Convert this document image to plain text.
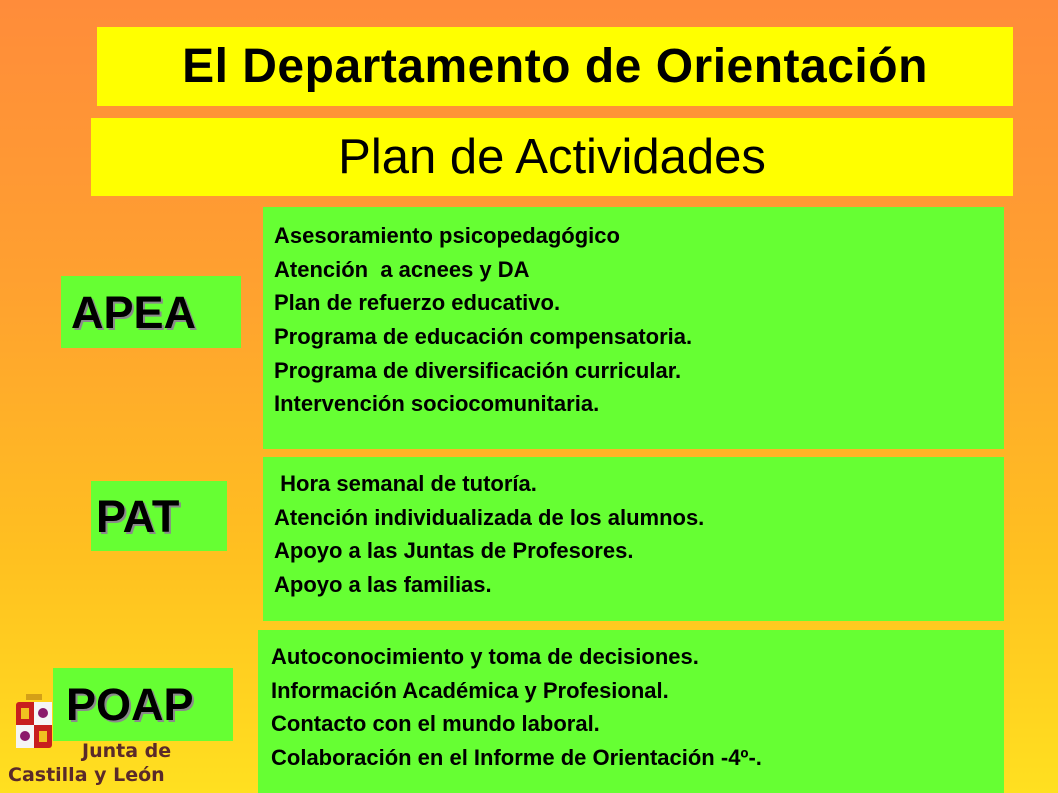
El Departamento de Orientación
Plan de Actividades
APEA
Asesoramiento psicopedagógico
Atención  a acnees y DA
Plan de refuerzo educativo.
Programa de educación compensatoria.
Programa de diversificación curricular.
Intervención sociocomunitaria.
PAT
Hora semanal de tutoría.
Atención individualizada de los alumnos.
Apoyo a las Juntas de Profesores.
Apoyo a las familias.
POAP
Autoconocimiento y toma de decisiones.
Información Académica y Profesional.
Contacto con el mundo laboral.
Colaboración en el Informe de Orientación -4º-.
Junta de
Castilla y León
